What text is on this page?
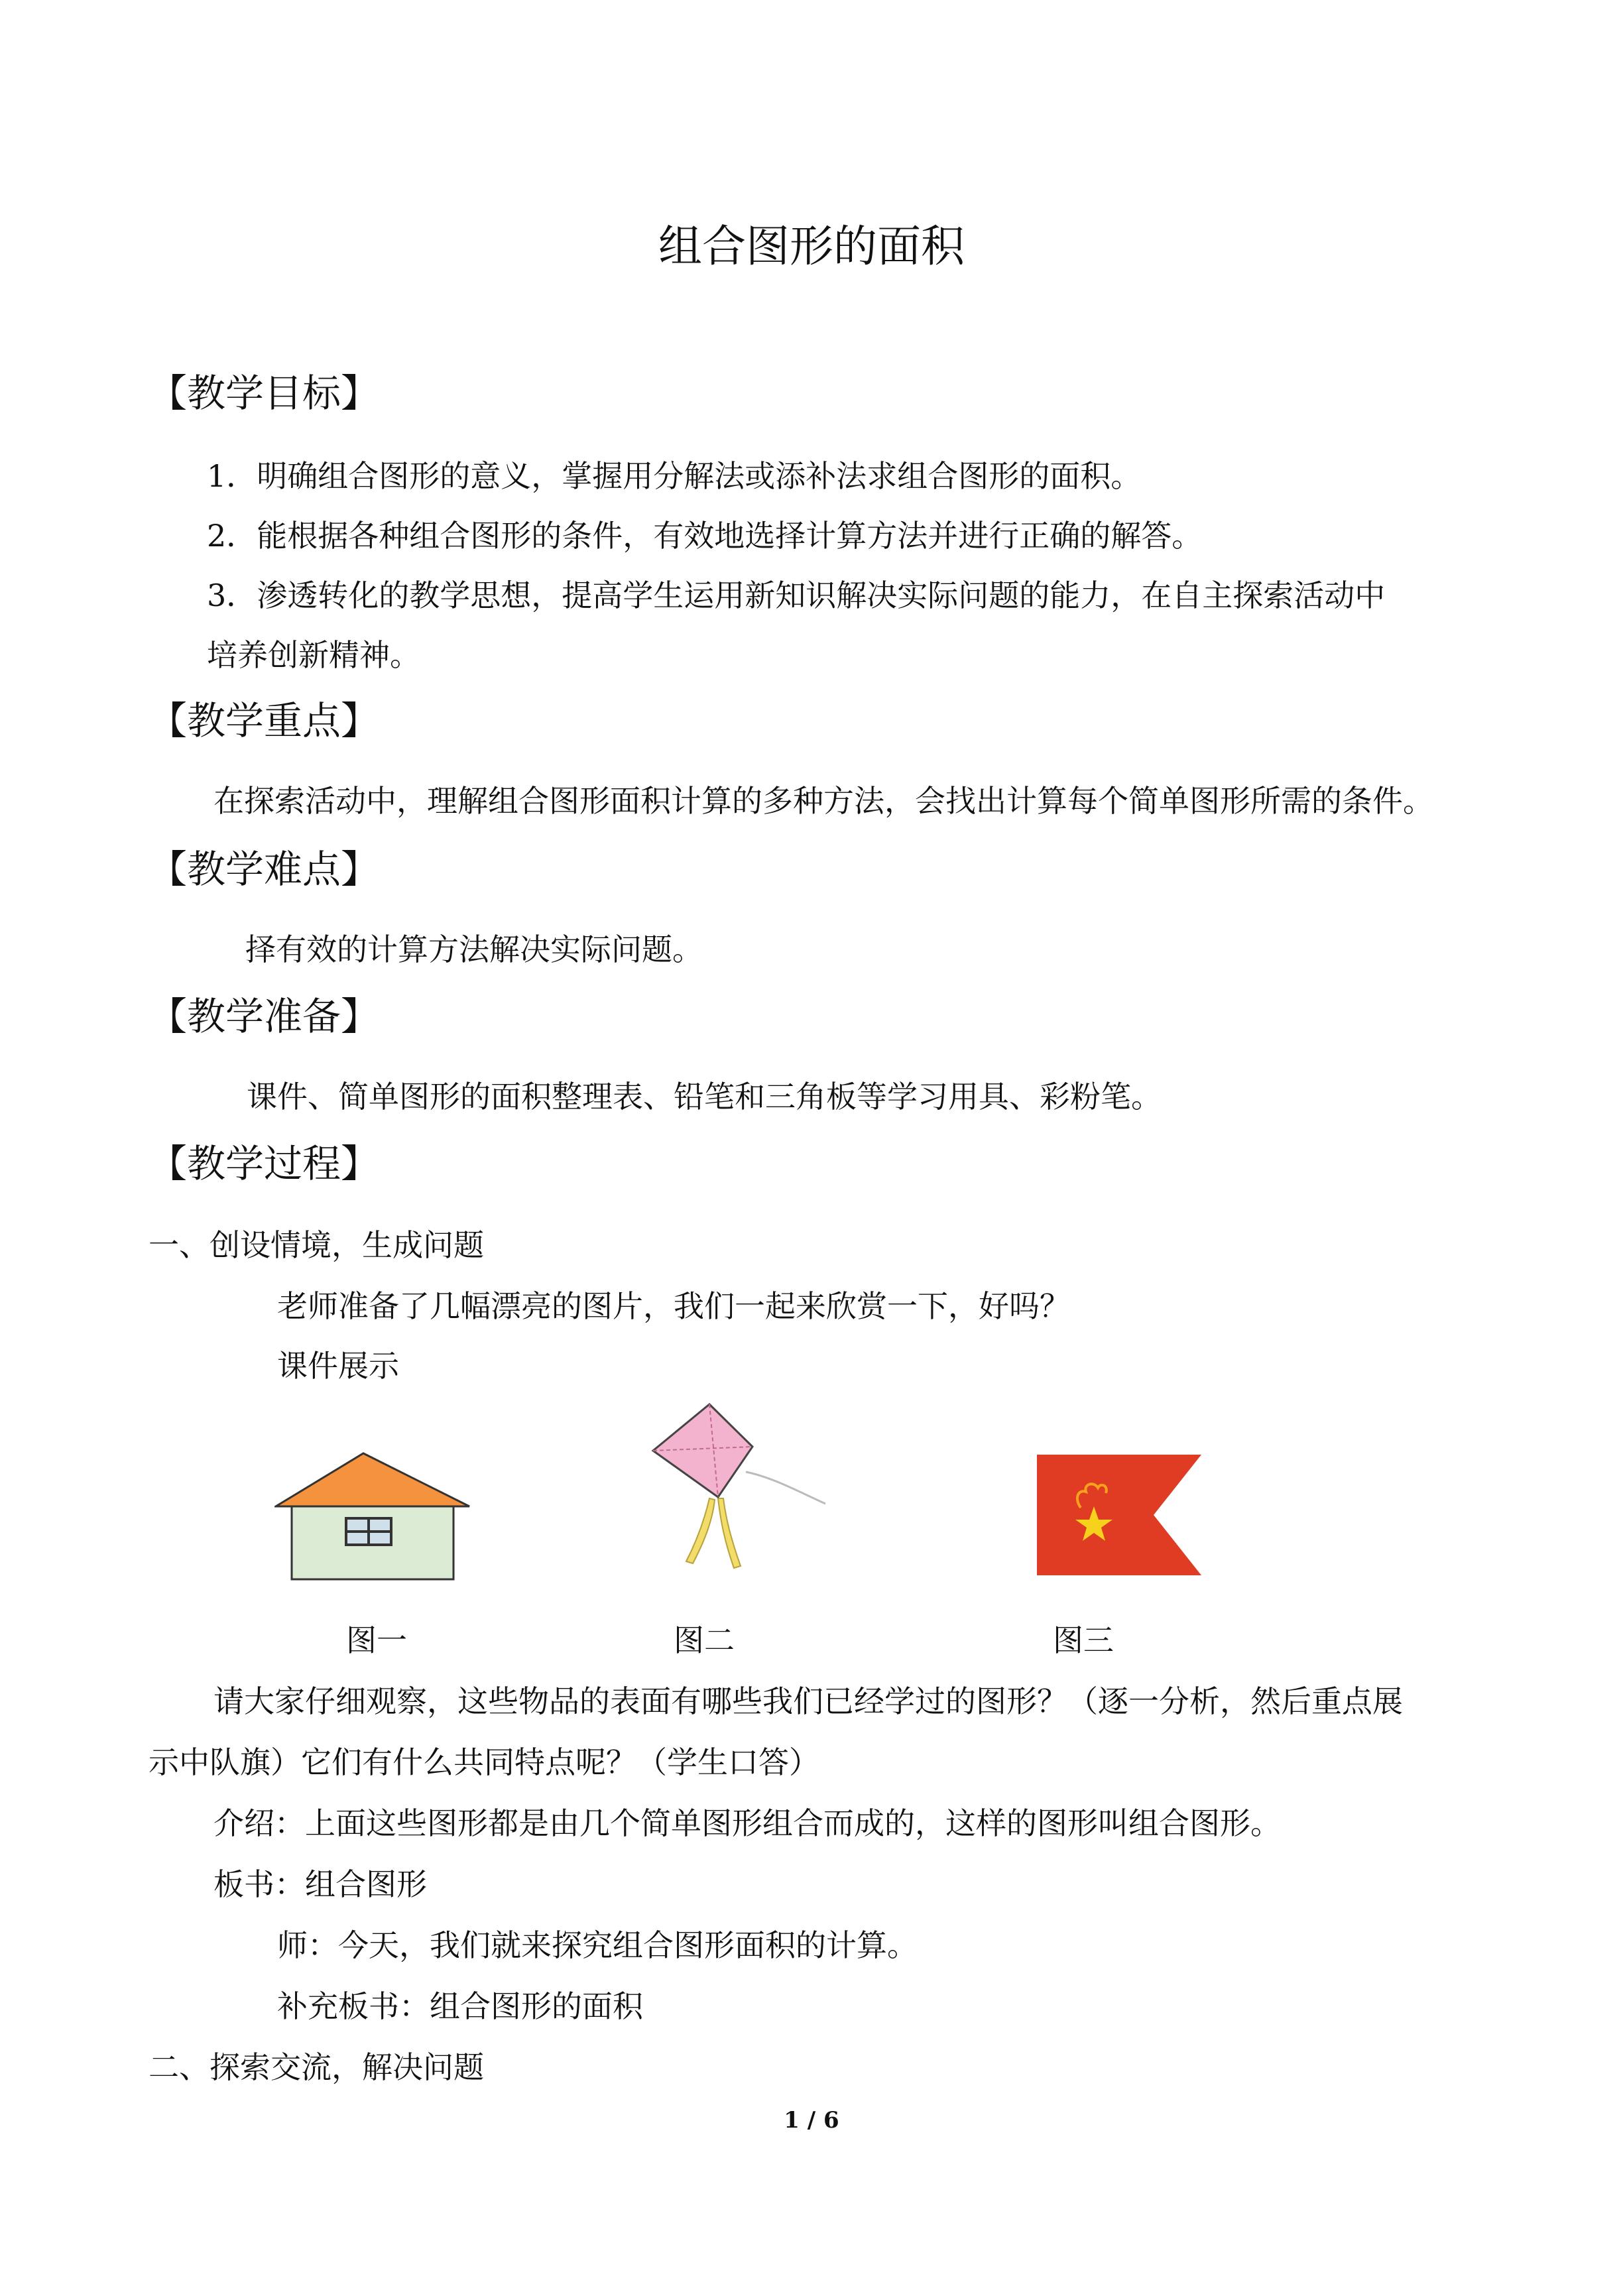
组合图形的面积
【教学目标】
1．明确组合图形的意义，掌握用分解法或添补法求组合图形的面积。
2．能根据各种组合图形的条件，有效地选择计算方法并进行正确的解答。
3．渗透转化的教学思想，提高学生运用新知识解决实际问题的能力，在自主探索活动中
培养创新精神。
【教学重点】
在探索活动中，理解组合图形面积计算的多种方法，会找出计算每个简单图形所需的条件。
【教学难点】
择有效的计算方法解决实际问题。
【教学准备】
课件、简单图形的面积整理表、铅笔和三角板等学习用具、彩粉笔。
【教学过程】
一、创设情境，生成问题
老师准备了几幅漂亮的图片，我们一起来欣赏一下，好吗？
课件展示
图一	图二	图三
请大家仔细观察，这些物品的表面有哪些我们已经学过的图形？（逐一分析，然后重点展
示中队旗）它们有什么共同特点呢？（学生口答）
介绍：上面这些图形都是由几个简单图形组合而成的，这样的图形叫组合图形。
板书：组合图形
师：今天，我们就来探究组合图形面积的计算。
补充板书：组合图形的面积
二、探索交流，解决问题
1 / 6
